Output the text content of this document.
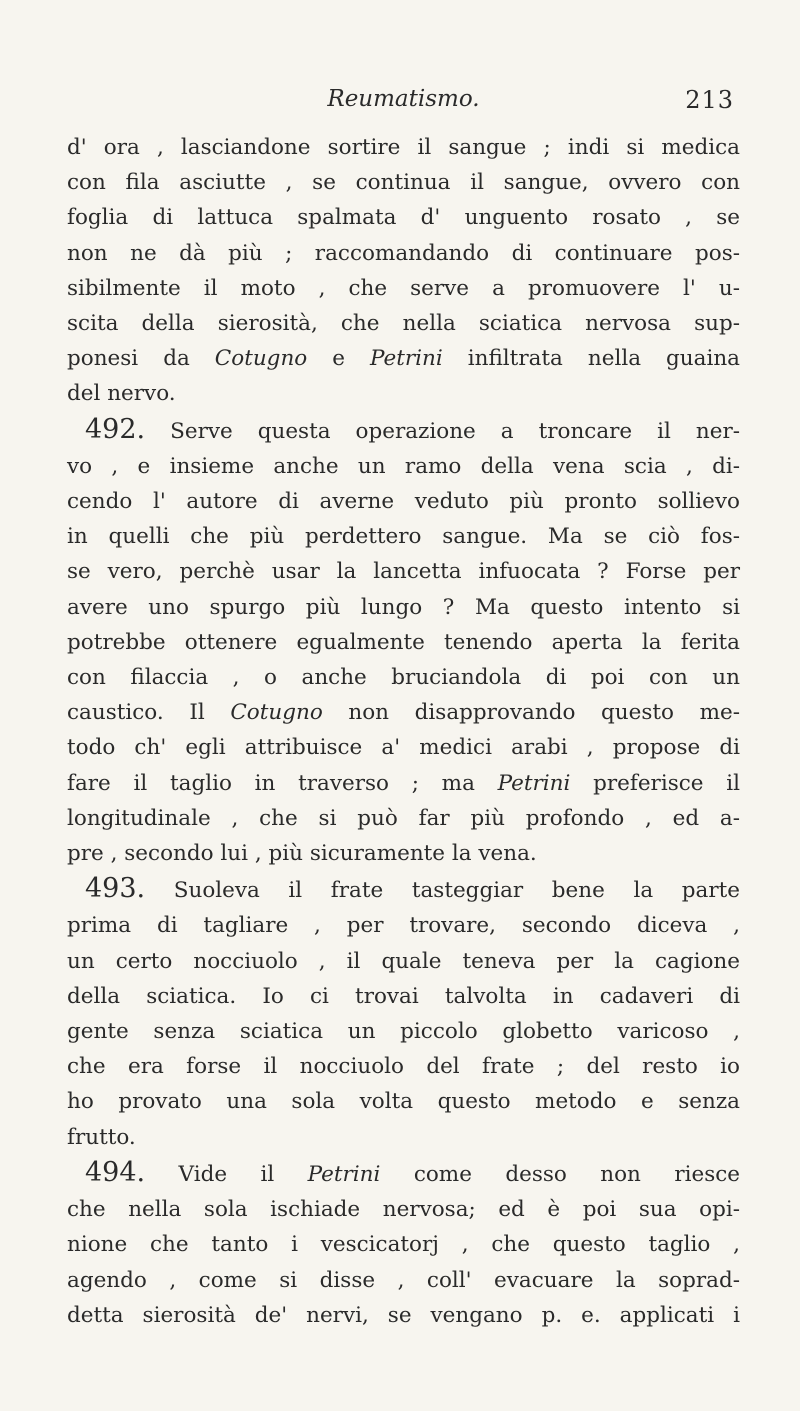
Reumatismo.	213
d' ora , lasciandone sortire il sangue ; indi si medica
con fila asciutte , se continua il sangue, ovvero con
foglia di lattuca spalmata d' unguento rosato , se
non ne dà più ; raccomandando di continuare pos-
sibilmente il moto , che serve a promuovere l' u-
scita della sierosità, che nella sciatica nervosa sup-
ponesi da Cotugno e Petrini infiltrata nella guaina
del nervo.
492. Serve questa operazione a troncare il ner-
vo , e insieme anche un ramo della vena scia , di-
cendo l' autore di averne veduto più pronto sollievo
in quelli che più perdettero sangue. Ma se ciò fos-
se vero, perchè usar la lancetta infuocata ? Forse per
avere uno spurgo più lungo ? Ma questo intento si
potrebbe ottenere egualmente tenendo aperta la ferita
con filaccia , o anche bruciandola di poi con un
caustico. Il Cotugno non disapprovando questo me-
todo ch' egli attribuisce a' medici arabi , propose di
fare il taglio in traverso ; ma Petrini preferisce il
longitudinale , che si può far più profondo , ed a-
pre , secondo lui , più sicuramente la vena.
493. Suoleva il frate tasteggiar bene la parte
prima di tagliare , per trovare, secondo diceva ,
un certo nocciuolo , il quale teneva per la cagione
della sciatica. Io ci trovai talvolta in cadaveri di
gente senza sciatica un piccolo globetto varicoso ,
che era forse il nocciuolo del frate ; del resto io
ho provato una sola volta questo metodo e senza
frutto.
494. Vide il Petrini come desso non riesce
che nella sola ischiade nervosa; ed è poi sua opi-
nione che tanto i vescicatorj , che questo taglio ,
agendo , come si disse , coll' evacuare la soprad-
detta sierosità de' nervi, se vengano p. e. applicati i
